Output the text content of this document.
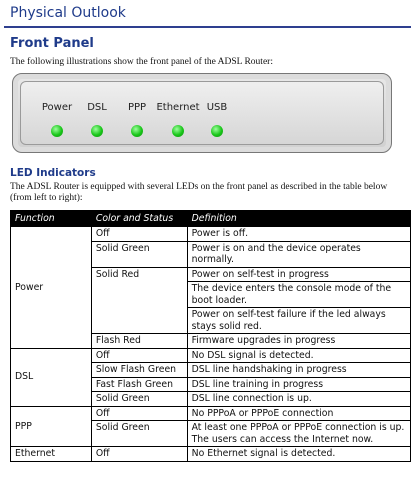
Physical Outlook
Front Panel
The following illustrations show the front panel of the ADSL Router:
Power DSL PPP Ethernet USB
LED Indicators
The ADSL Router is equipped with several LEDs on the front panel as described in the table below
(from left to right):
Function	Color and Status	Definition
Power	Off	Power is off.
	Solid Green	Power is on and the device operates normally.
	Solid Red	Power on self-test in progress
		The device enters the console mode of the boot loader.
		Power on self-test failure if the led always stays solid red.
	Flash Red	Firmware upgrades in progress
DSL	Off	No DSL signal is detected.
	Slow Flash Green	DSL line handshaking in progress
	Fast Flash Green	DSL line training in progress
	Solid Green	DSL line connection is up.
PPP	Off	No PPPoA or PPPoE connection
	Solid Green	At least one PPPoA or PPPoE connection is up. The users can access the Internet now.
Ethernet	Off	No Ethernet signal is detected.
